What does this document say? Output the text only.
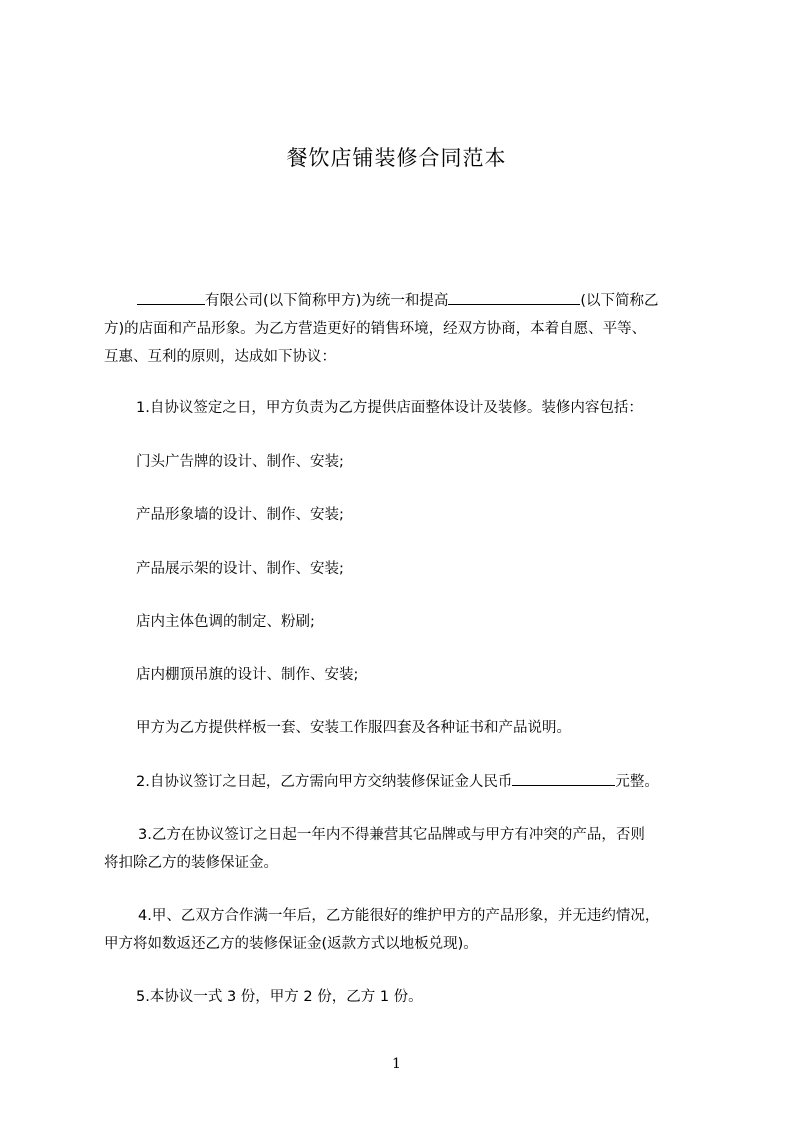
餐饮店铺装修合同范本
有限公司(以下简称甲方)为统一和提高	(以下简称乙
方)的店面和产品形象。为乙方营造更好的销售环境，经双方协商，本着自愿、平等、
互惠、互利的原则，达成如下协议：
1.自协议签定之日，甲方负责为乙方提供店面整体设计及装修。装修内容包括：
门头广告牌的设计、制作、安装;
产品形象墙的设计、制作、安装;
产品展示架的设计、制作、安装;
店内主体色调的制定、粉刷;
店内棚顶吊旗的设计、制作、安装;
甲方为乙方提供样板一套、安装工作服四套及各种证书和产品说明。
2.自协议签订之日起，乙方需向甲方交纳装修保证金人民币	元整。
3.乙方在协议签订之日起一年内不得兼营其它品牌或与甲方有冲突的产品，否则
将扣除乙方的装修保证金。
4.甲、乙双方合作满一年后，乙方能很好的维护甲方的产品形象，并无违约情况，
甲方将如数返还乙方的装修保证金(返款方式以地板兑现)。
5.本协议一式 3 份，甲方 2 份，乙方 1 份。
1
